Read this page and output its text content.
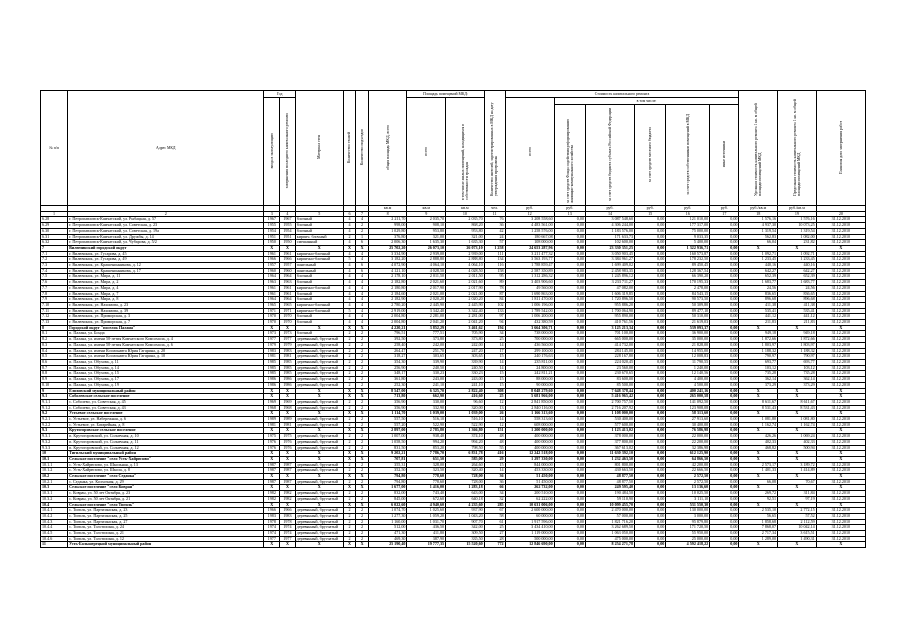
№ п/п	Адрес МКД	Год		Материал стен	Количество этажей	Количество подъездов	общая площадь МКД, всего	Площадь помещений МКД:		Количество жителей, зарегистрированных в МКД на дату утверждения программы	Стоимость капитального ремонта						Удельная стоимость капитального ремонта 1 кв. м общей площади помещений МКД	Предельная стоимость капитального ремонта 1 кв. м общей площади помещений МКД	Плановая дата завершения работ
		ввода в эксплуатацию	завершения последнего капитального ремонта					всего	в том числе жилых помещений, находящихся в собственности граждан		всего	в том числе:							
												за счет средств Фонда содействия реформированию жилищно-коммунального хозяйства	за счет средств бюджета субъекта Российской Федерации	за счет средств местного бюджета	за счет средств собственников помещений в МКД	иные источники			
							кв.м	кв.м	кв.м	чел.	руб.	руб.	руб.	руб.	руб.	руб.	руб./кв.м	руб./кв.м	
1	2	3	4	5	6	7	8	9	10	11	12	13	14	15	16	17	18	19	20
6.28	г. Петропавловск-Камчатский, ул. Рыбацкая, д. 57	1967	1967	блочный	4	4	2 211,70	2 035,70	2 035,70	76	3 208 558,60	0,00	3 087 548,60	0,00	121 010,00	0,00	1 576,16	1 576,16	31.12.2010
6.29	г. Петропавловск-Камчатский, ул. Советская, д. 23	1955	1955	блочный	4	2	998,00	908,10	868,20	36	4 483 561,00	0,00	4 306 244,00	0,00	177 317,00	0,00	4 937,30	10 073,25	31.12.2010
6.30	г. Петропавловск-Камчатский, ул. Советская, д. 19а	1954	1954	блочный	4	2	1 029,80	953,80	953,80	42	1 258 576,00	0,00	1 183 576,00	0,00	75 000,00	0,00	1 319,54	1 319,54	31.12.2010
6.31	г. Петропавловск-Камчатский, ул. Дружбы, д. 14	1951	1951	кирпич. блочный	2	1	376,80	321,00	321,00	24	180 667,08	0,00	171 633,73	0,00	9 033,35	0,00	562,83	1 082,00	31.12.2010
6.32	г. Петропавловск-Камчатский, ул. Чубарова, д. 5/2	1950	1950	смешанный	4	6	2 006,30	1 635,30	1 635,30	57	108 000,00	0,00	102 600,00	0,00	5 400,00	0,00	66,04	231,82	31.12.2010
7	Вилючинский городской округ	X	X	X	X	X	25 702,20	26 073,10	26 073,10	1 258	24 653 287,96	0,00	23 330 351,25	0,00	1 322 936,71	0,00	X	X	X
7.1	г. Вилючинск, ул. Гусарова, д. 45	1961	1961	кирпично-блочный	4	4	3 334,90	2 939,00	2 939,00	111	3 211 477,32	0,00	3 050 903,45	0,00	160 573,87	0,00	1 092,71	1 092,71	31.12.2010
7.2	г. Вилючинск, ул. Гусарова, д. 49	1966	1966	кирпично-блочный	5	4	3 182,20	2 888,80	2 888,80	134	3 563 193,77	0,00	3 384 961,27	0,00	178 232,50	0,00	1 233,45	1 233,45	31.12.2010
7.3	г. Вилючинск, ул. Крашенинникова, д. 12	1957	1957	панельный	4	6	4 072,90	4 064,10	4 064,10	116	1 788 859,47	0,00	1 699 409,02	0,00	89 450,45	0,00	440,16	440,16	31.12.2010
7.4	г. Вилючинск, ул. Крашенинникова, д. 17	1960	1960	панельный	4	6	4 121,10	4 028,50	4 028,50	158	2 587 350,89	0,00	2 458 983,35	0,00	128 367,54	0,00	642,27	642,27	31.12.2010
7.5	г. Вилючинск, ул. Мира, д. 11	1964	1964	блочный	4	4	2 178,10	2 011,50	2 011,50	95	1 312 286,32	0,00	1 245 896,12	0,00	66 390,20	0,00	652,39	652,39	31.12.2010
7.6	г. Вилючинск, ул. Мира, д. 2	1963	1963	блочный	4	4	2 182,80	2 021,60	2 021,60	89	3 403 906,60	0,00	3 233 711,27	0,00	170 195,33	0,00	1 683,77	1 683,77	31.12.2010
7.7	г. Вилючинск, ул. Мира, д. 4	1961	1961	кирпично-блочный	4	4	2 180,80	2 017,90	2 017,90	78	49 560,00	0,00	47 082,00	0,00	2 478,00	0,00	24,56	24,56	31.12.2010
7.8	г. Вилючинск, ул. Мира, д. 7	1961	1961	блочный	4	4	2 184,60	2 021,00	2 021,00	87	1 690 863,00	0,00	1 606 319,85	0,00	84 543,15	0,00	836,65	836,65	31.12.2010
7.9	г. Вилючинск, ул. Мира, д. 8	1964	1964	блочный	4	4	2 182,90	2 020,20	2 020,20	84	1 811 470,00	0,00	1 720 896,50	0,00	90 573,50	0,00	896,68	896,68	31.12.2010
7.10	г. Вилючинск, ул. Нахимова, д. 23	1965	1965	кирпично-блочный	4	4	2 780,20	2 445,90	2 445,90	102	1 006 196,00	0,00	955 886,20	0,00	50 309,80	0,00	411,38	411,38	31.12.2010
7.11	г. Вилючинск, ул. Нахимова, д. 39	1971	1971	кирпично-блочный	5	4	2 919,00	3 342,40	3 342,40	133	1 789 542,00	0,00	1 700 064,90	0,00	89 477,10	0,00	535,41	535,41	31.12.2010
7.12	г. Вилючинск, ул. Приморская, д. 3	1970	1970	блочный	4	4	2 004,80	2 281,00	2 281,00	97	1 006 200,00	0,00	955 890,00	0,00	50 310,00	0,00	441,12	441,12	31.12.2010
7.13	г. Вилючинск, ул. Приморская, д. 7	1970	1970	блочный	4	4	2 004,80	2 041,20	2 041,20	94	432 380,59	0,00	410 761,56	0,00	21 619,03	0,00	211,83	211,83	31.12.2010
8	Городской округ "поселок Палана"	X	X	X	X	X	4 220,21	3 852,29	3 461,62	194	3 664 306,71	0,00	3 125 213,34	0,00	539 093,37	0,00	X	X	X
8.1	п. Палана, ул. Бонда	1973	1973	блочный	2	2	796,51	777,51	705,90	34	738 000,00	0,00	701 100,00	0,00	36 900,00	0,00	949,18	949,18	31.12.2010
8.2	п. Палана, ул. имени 50-летия Камчатского Комсомола, д. 4	1977	1977	деревянный, брусчатый	2	2	392,50	373,80	373,80	25	700 000,00	0,00	665 000,00	0,00	35 000,00	0,00	1 872,66	1 872,66	31.12.2010
8.3	п. Палана, ул. имени 50-летия Камчатского Комсомола, д. 6	1979	1979	деревянный, брусчатый	2	2	258,40	242,00	242,00	14	436 560,00	0,00	414 732,00	0,00	21 828,00	0,00	1 803,97	1 803,97	31.12.2010
8.4	п. Палана, ул. имени Космонавта Юрия Гагарина, д. 20	1983	1983	деревянный, брусчатый	2	2	264,47	251,70	247,20	17	299 100,00	0,00	284 145,00	0,00	14 955,00	0,00	1 188,32	1 188,32	31.12.2010
8.5	п. Палана, ул. имени Космонавта Юрия Гагарина, д. 10	1981	1981	деревянный, брусчатый	2	2	318,27	303,65	303,65	15	240 176,63	0,00	228 167,80	0,00	12 008,83	0,00	790,97	790,97	31.12.2010
8.6	п. Палана, ул. Обухова, д. 11	1985	1985	деревянный, брусчатый	2	2	354,30	339,90	339,90	14	235 811,00	0,00	224 020,45	0,00	11 790,55	0,00	693,77	693,77	31.12.2010
8.7	п. Палана, ул. Обухова, д. 14	1985	1985	деревянный, брусчатый	2	2	256,90	240,50	240,50	14	24 800,00	0,00	23 560,00	0,00	1 240,00	0,00	103,12	103,12	31.12.2010
8.8	п. Палана, ул. Обухова, д. 15	1985	1985	деревянный, брусчатый	2	2	348,17	330,23	330,23	15	242 811,21	0,00	230 670,65	0,00	12 140,56	0,00	735,28	735,28	31.12.2010
8.9	п. Палана, ул. Обухова, д. 17	1986	1986	деревянный, брусчатый	2	2	361,80	243,00	243,00	15	88 000,00	0,00	83 600,00	0,00	4 400,00	0,00	362,14	362,14	31.12.2010
8.10	п. Палана, ул. Обухова, д. 19	1986	1986	деревянный, брусчатый	2	2	252,30	241,10	241,10	15	90 000,00	0,00	85 500,00	0,00	4 500,00	0,00	373,29	373,29	31.12.2010
9	Елизовский муниципальный район	X	X	X	X	X	8 547,00	6 325,70	2 822,40	308	8 048 279,60	0,00	7 648 378,44	0,00	400 241,16	0,00	X	X	X
9.1	Соболевское сельское поселение	X	X	X	X	X	713,80	662,90	416,60	25	5 681 966,00	0,00	5 416 965,42	0,00	265 000,58	0,00	X	X	X
9.1.1	с. Соболево, ул. Советская, д. 45	1969	1969	деревянный, брусчатый	2	2	356,90	330,00	96,60	12	2 841 850,00	0,00	2 700 757,50	0,00	141 092,50	0,00	8 611,67	8 611,67	31.12.2010
9.1.2	с. Соболево, ул. Советская, д. 43	1968	1968	деревянный, брусчатый	2	2	356,90	332,90	320,00	13	2 840 116,00	0,00	2 716 207,92	0,00	123 908,08	0,00	8 531,43	8 531,43	31.12.2010
9.2	Устьевое сельское поселение	X	X	X	X	X	1 114,70	1 039,00	1 039,00	26	1 166 313,60	0,00	1 108 000,00	0,00	58 313,60	0,00	X	X	X
9.2.1	с. Устьевое, ул. Набережная, д. 6	1989	1989	деревянный, брусчатый	2	2	557,50	516,10	516,10	14	558 313,60	0,00	530 400,00	0,00	27 913,60	0,00	1 081,80	1 081,80	31.12.2010
9.2.2	с. Устьевое, ул. Батарейная, д. 8	1981	1981	деревянный, брусчатый	2	2	557,20	522,90	522,90	12	608 000,00	0,00	577 600,00	0,00	30 400,00	0,00	1 162,74	1 162,74	31.12.2010
9.3	Крутогоровское сельское поселение	X	X	X	X	X	2 897,00	2 785,80	1 366,80	151	1 200 000,00	0,00	1 123 413,02	0,00	76 586,98	0,00	X	X	X
9.3.1	п. Крутогоровский, ул. Солнечная, д. 10	1975	1975	деревянный, брусчатый	2	2	1 007,00	938,40	374,10	48	400 000,00	0,00	378 000,00	0,00	22 000,00	0,00	426,26	1 069,24	31.12.2010
9.3.2	п. Крутогоровский, ул. Солнечная, д. 11	1976	1976	деревянный, брусчатый	2	2	1 058,50	994,20	994,20	48	400 000,00	0,00	377 800,00	0,00	22 200,00	0,00	402,33	402,33	31.12.2010
9.3.3	п. Крутогоровский, ул. Солнечная, д. 12	1976	1976	деревянный, брусчатый	2	2	831,50	853,20	798,50	55	400 000,00	0,00	367 613,02	0,00	32 386,98	0,00	468,82	500,94	31.12.2010
10	Тигильский муниципальный район	X	X	X	X	X	9 202,21	7 786,70	6 831,78	416	12 242 518,00	0,00	11 630 392,10	0,00	612 125,90	0,00	X	X	X
10.1	Сельское поселение "село Усть-Хайрюзово"	X	X	X	X	X	707,81	651,50	585,00	29	1 297 330,00	0,00	1 232 463,50	0,00	64 866,50	0,00	X	X	X
10.1.1	с. Усть-Хайрюзово, ул. Школьная, д. 13	1987	1987	деревянный, брусчатый	2	2	355,31	328,00	264,60	15	844 000,00	0,00	801 800,00	0,00	42 200,00	0,00	2 573,17	3 189,72	31.12.2010
10.1.2	с. Усть-Хайрюзово, ул. Школа, д. 8	1987	1987	деревянный, брусчатый	2	2	352,50	323,50	320,40	14	453 330,00	0,00	430 663,50	0,00	22 666,50	0,00	1 401,33	1 414,89	31.12.2010
10.2	Сельское поселение "село Седанка"	X	X	X	X	X	794,80	778,60	728,00	36	51 450,00	0,00	48 877,50	0,00	2 572,50	0,00	X	X	X
10.2.1	с. Седанка, ул. Колхозная, д. 29	1987	1987	деревянный, брусчатый	2	2	794,80	778,60	728,00	36	51 450,00	0,00	48 877,50	0,00	2 572,50	0,00	66,08	70,67	31.12.2010
10.3	Сельское поселение "село Ковран"	X	X	X	X	X	1 677,00	1 416,00	1 283,18	66	262 732,00	0,00	249 595,40	0,00	13 136,60	0,00	X	X	X
10.3.1	с. Ковран, ул. 50 лет Октября, д. 23	1982	1982	деревянный, брусчатый	2	2	832,00	743,40	643,00	34	200 510,00	0,00	190 484,50	0,00	10 025,50	0,00	269,72	311,84	31.12.2010
10.3.2	с. Ковран, ул. 50 лет Октября, д. 21	1982	1982	деревянный, брусчатый	2	2	845,00	672,60	640,18	32	62 222,00	0,00	59 110,90	0,00	3 111,10	0,00	92,51	97,19	31.12.2010
10.4	Сельское поселение "село Тигиль"	X	X	X	X	X	6 022,60	4 940,60	4 235,60	285	10 631 006,00	0,00	10 099 455,70	0,00	531 550,30	0,00	X	X	X
10.4.1	с. Тигиль, ул. Партизанская, д. 23	1966	1966	деревянный, брусчатый	2	2	1 074,70	1 025,60	937,90	67	2 600 000,00	0,00	2 470 000,00	0,00	130 000,00	0,00	2 535,10	2 772,15	31.12.2010
10.4.2	с. Тигиль, ул. Партизанская, д. 25	1983	1983	деревянный, брусчатый	2	2	1 277,30	1 059,20	1 043,20	58	60 000,00	0,00	57 000,00	0,00	3 000,00	0,00	56,65	57,52	31.12.2010
10.4.3	с. Тигиль, ул. Партизанская, д. 27	1978	1978	деревянный, брусчатый	2	2	1 160,00	1 031,70	907,70	61	1 917 596,00	0,00	1 821 716,20	0,00	95 879,80	0,00	1 858,68	2 112,59	31.12.2010
10.4.4	с. Тигиль, ул. Толстихина, д. 24	1974	1974	деревянный, брусчатый	2	2	512,00	436,50	342,00	25	3 434 410,00	0,00	3 262 689,50	0,00	171 720,50	0,00	7 868,07	10 042,14	31.12.2010
10.4.5	с. Тигиль, ул. Толстихина, д. 21	1974	1974	деревянный, брусчатый	2	2	471,30	411,80	309,50	27	1 119 000,00	0,00	1 063 050,00	0,00	55 950,00	0,00	2 717,34	3 615,51	31.12.2010
10.4.6	с. Тигиль, ул. Толстихина, д. 12	1977	1977	деревянный, брусчатый	2	2	469,30	387,90	335,50	28	500 000,00	0,00	475 000,00	0,00	25 000,00	0,00	1 289,00	1 490,31	31.12.2010
11	Усть-Большерецкий муниципальный район	X	X	X	X	X	25 190,40	19 777,35	15 520,60	772	12 846 690,00	0,00	8 254 271,78	0,00	4 592 418,22	0,00	X	X	X
